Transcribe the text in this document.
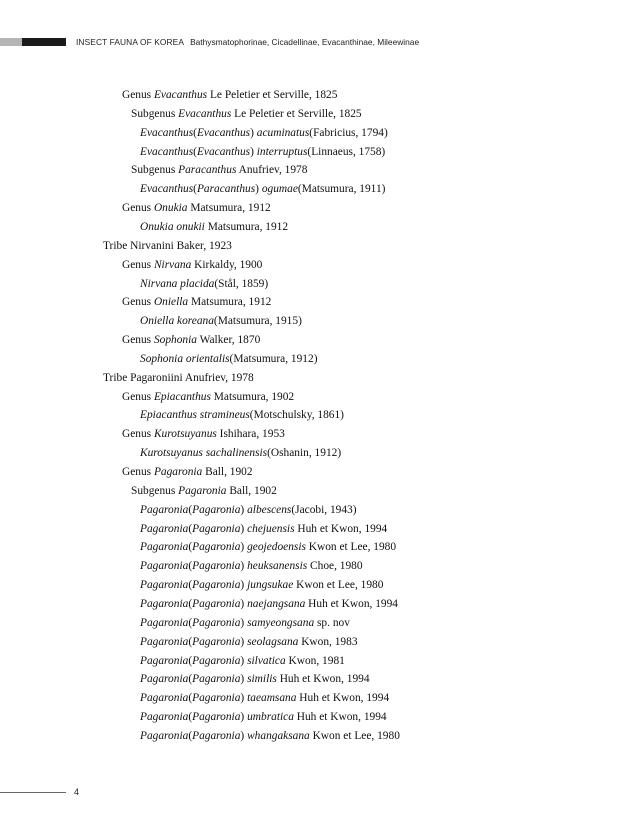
INSECT FAUNA OF KOREA Bathysmatophorinae, Cicadellinae, Evacanthinae, Mileewinae
Genus Evacanthus Le Peletier et Serville, 1825
Subgenus Evacanthus Le Peletier et Serville, 1825
Evacanthus(Evacanthus) acuminatus(Fabricius, 1794)
Evacanthus(Evacanthus) interruptus(Linnaeus, 1758)
Subgenus Paracanthus Anufriev, 1978
Evacanthus(Paracanthus) ogumae(Matsumura, 1911)
Genus Onukia Matsumura, 1912
Onukia onukii Matsumura, 1912
Tribe Nirvanini Baker, 1923
Genus Nirvana Kirkaldy, 1900
Nirvana placida(Stål, 1859)
Genus Oniella Matsumura, 1912
Oniella koreana(Matsumura, 1915)
Genus Sophonia Walker, 1870
Sophonia orientalis(Matsumura, 1912)
Tribe Pagaroniini Anufriev, 1978
Genus Epiacanthus Matsumura, 1902
Epiacanthus stramineus(Motschulsky, 1861)
Genus Kurotsuyanus Ishihara, 1953
Kurotsuyanus sachalinensis(Oshanin, 1912)
Genus Pagaronia Ball, 1902
Subgenus Pagaronia Ball, 1902
Pagaronia(Pagaronia) albescens(Jacobi, 1943)
Pagaronia(Pagaronia) chejuensis Huh et Kwon, 1994
Pagaronia(Pagaronia) geojedoensis Kwon et Lee, 1980
Pagaronia(Pagaronia) heuksanensis Choe, 1980
Pagaronia(Pagaronia) jungsukae Kwon et Lee, 1980
Pagaronia(Pagaronia) naejangsana Huh et Kwon, 1994
Pagaronia(Pagaronia) samyeongsana sp. nov
Pagaronia(Pagaronia) seolagsana Kwon, 1983
Pagaronia(Pagaronia) silvatica Kwon, 1981
Pagaronia(Pagaronia) similis Huh et Kwon, 1994
Pagaronia(Pagaronia) taeamsana Huh et Kwon, 1994
Pagaronia(Pagaronia) umbratica Huh et Kwon, 1994
Pagaronia(Pagaronia) whangaksana Kwon et Lee, 1980
4
